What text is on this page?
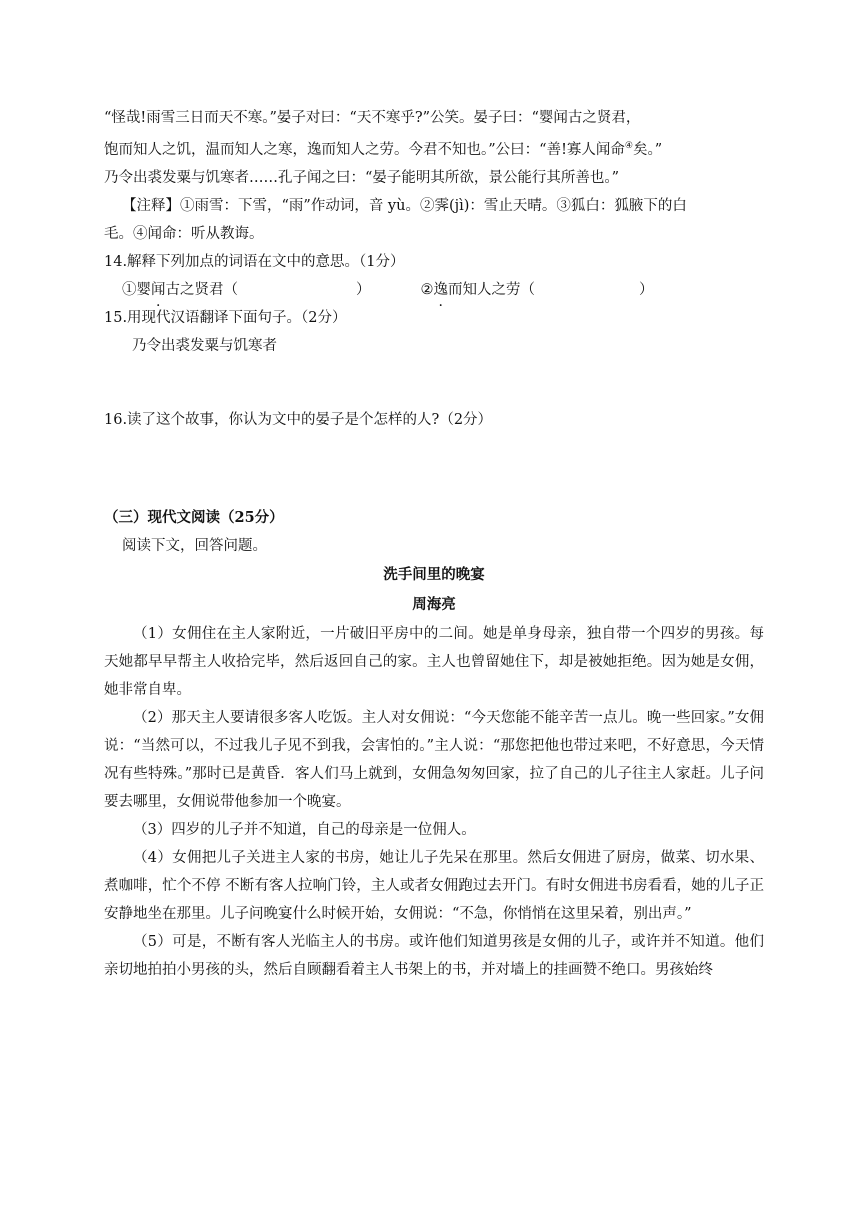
“怪哉!雨雪三日而天不寒。”晏子对曰：“天不寒乎?”公笑。晏子曰：“婴闻古之贤君，

饱而知人之饥，温而知人之寒，逸而知人之劳。今君不知也。”公曰：“善!寡人闻命④矣。”

乃令出裘发粟与饥寒者……孔子闻之曰：“晏子能明其所欲，景公能行其所善也。”

【注释】①雨雪：下雪，“雨”作动词，音 yù。②霁(jì)：雪止天晴。③狐白：狐腋下的白

毛。④闻命：听从教诲。

14.解释下列加点的词语在文中的意思。（1分）

①婴闻古之贤君（	）	②逸而知人之劳（	）

15.用现代汉语翻译下面句子。（2分）

乃令出裘发粟与饥寒者

16.读了这个故事，你认为文中的晏子是个怎样的人?（2分）

（三）现代文阅读（25分）

阅读下文，回答问题。

洗手间里的晚宴

周海亮

（1）女佣住在主人家附近，一片破旧平房中的二间。她是单身母亲，独自带一个四岁的男孩。每天她都早早帮主人收拾完毕，然后返回自己的家。主人也曾留她住下，却是被她拒绝。因为她是女佣，她非常自卑。

（2）那天主人要请很多客人吃饭。主人对女佣说：“今天您能不能辛苦一点儿。晚一些回家。”女佣说：“当然可以，不过我儿子见不到我，会害怕的。”主人说：“那您把他也带过来吧，不好意思，今天情况有些特殊。”那时已是黄昏．客人们马上就到，女佣急匆匆回家，拉了自己的儿子往主人家赶。儿子问要去哪里，女佣说带他参加一个晚宴。

（3）四岁的儿子并不知道，自己的母亲是一位佣人。

（4）女佣把儿子关进主人家的书房，她让儿子先呆在那里。然后女佣进了厨房，做菜、切水果、煮咖啡，忙个不停 不断有客人拉响门铃，主人或者女佣跑过去开门。有时女佣进书房看看，她的儿子正安静地坐在那里。儿子问晚宴什么时候开始，女佣说：“不急，你悄悄在这里呆着，别出声。”

（5）可是，不断有客人光临主人的书房。或许他们知道男孩是女佣的儿子，或许并不知道。他们亲切地拍拍小男孩的头，然后自顾翻看着主人书架上的书，并对墙上的挂画赞不绝口。男孩始终
